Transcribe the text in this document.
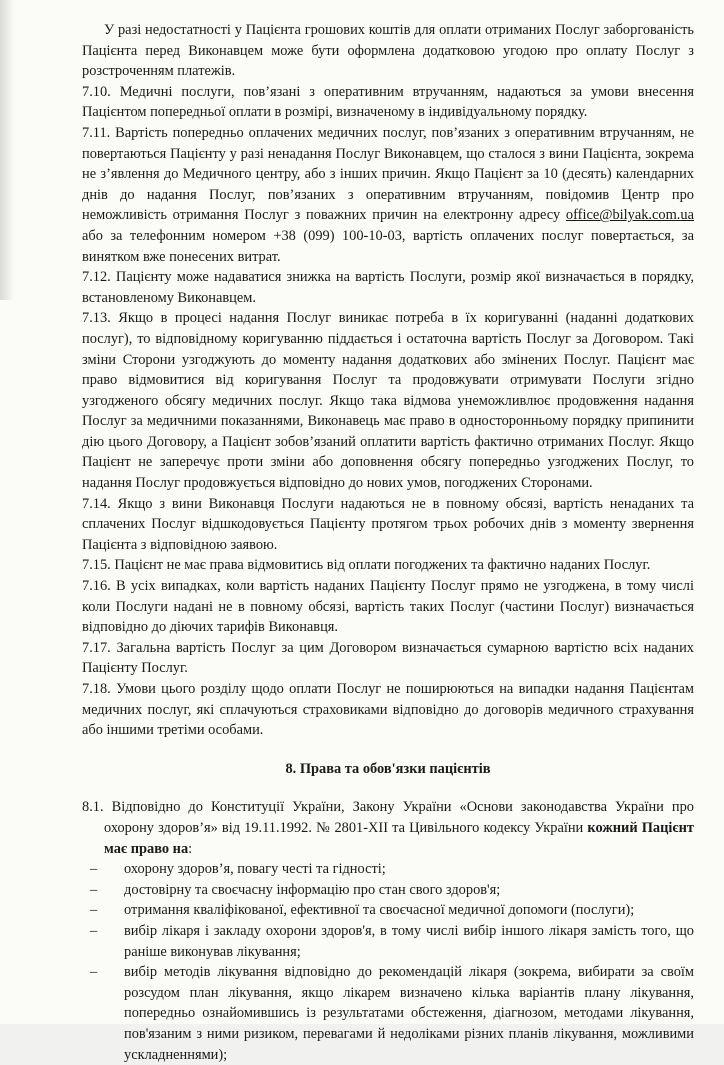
У разі недостатності у Пацієнта грошових коштів для оплати отриманих Послуг заборгованість Пацієнта перед Виконавцем може бути оформлена додатковою угодою про оплату Послуг з розстроченням платежів.

7.10. Медичні послуги, пов’язані з оперативним втручанням, надаються за умови внесення Пацієнтом попередньої оплати в розмірі, визначеному в індивідуальному порядку.

7.11. Вартість попередньо оплачених медичних послуг, пов’язаних з оперативним втручанням, не повертаються Пацієнту у разі ненадання Послуг Виконавцем, що сталося з вини Пацієнта, зокрема не з’явлення до Медичного центру, або з інших причин. Якщо Пацієнт за 10 (десять) календарних днів до надання Послуг, пов’язаних з оперативним втручанням, повідомив Центр про неможливість отримання Послуг з поважних причин на електронну адресу office@bilyak.com.ua або за телефонним номером +38 (099) 100-10-03, вартість оплачених послуг повертається, за винятком вже понесених витрат.

7.12. Пацієнту може надаватися знижка на вартість Послуги, розмір якої визначається в порядку, встановленому Виконавцем.

7.13. Якщо в процесі надання Послуг виникає потреба в їх коригуванні (наданні додаткових послуг), то відповідному коригуванню піддається і остаточна вартість Послуг за Договором. Такі зміни Сторони узгоджують до моменту надання додаткових або змінених Послуг. Пацієнт має право відмовитися від коригування Послуг та продовжувати отримувати Послуги згідно узгодженого обсягу медичних послуг. Якщо така відмова унеможливлює продовження надання Послуг за медичними показаннями, Виконавець має право в односторонньому порядку припинити дію цього Договору, а Пацієнт зобов’язаний оплатити вартість фактично отриманих Послуг. Якщо Пацієнт не заперечує проти зміни або доповнення обсягу попередньо узгоджених Послуг, то надання Послуг продовжується відповідно до нових умов, погоджених Сторонами.

7.14. Якщо з вини Виконавця Послуги надаються не в повному обсязі, вартість ненаданих та сплачених Послуг відшкодовується Пацієнту протягом трьох робочих днів з моменту звернення Пацієнта з відповідною заявою.

7.15. Пацієнт не має права відмовитись від оплати погоджених та фактично наданих Послуг.

7.16. В усіх випадках, коли вартість наданих Пацієнту Послуг прямо не узгоджена, в тому числі коли Послуги надані не в повному обсязі, вартість таких Послуг (частини Послуг) визначається відповідно до діючих тарифів Виконавця.

7.17. Загальна вартість Послуг за цим Договором визначається сумарною вартістю всіх наданих Пацієнту Послуг.

7.18. Умови цього розділу щодо оплати Послуг не поширюються на випадки надання Пацієнтам медичних послуг, які сплачуються страховиками відповідно до договорів медичного страхування або іншими третіми особами.

8. Права та обов'язки пацієнтів

8.1. Відповідно до Конституції України, Закону України «Основи законодавства України про охорону здоров’я» від 19.11.1992. № 2801-XII та Цивільного кодексу України кожний Пацієнт має право на:

– охорону здоров’я, повагу честі та гідності;
– достовірну та своєчасну інформацію про стан свого здоров'я;
– отримання кваліфікованої, ефективної та своєчасної медичної допомоги (послуги);
– вибір лікаря і закладу охорони здоров'я, в тому числі вибір іншого лікаря замість того, що раніше виконував лікування;
– вибір методів лікування відповідно до рекомендацій лікаря (зокрема, вибирати за своїм розсудом план лікування, якщо лікарем визначено кілька варіантів плану лікування, попередньо ознайомившись із результатами обстеження, діагнозом, методами лікування, пов'язаним з ними ризиком, перевагами й недоліками різних планів лікування, можливими ускладненнями);
